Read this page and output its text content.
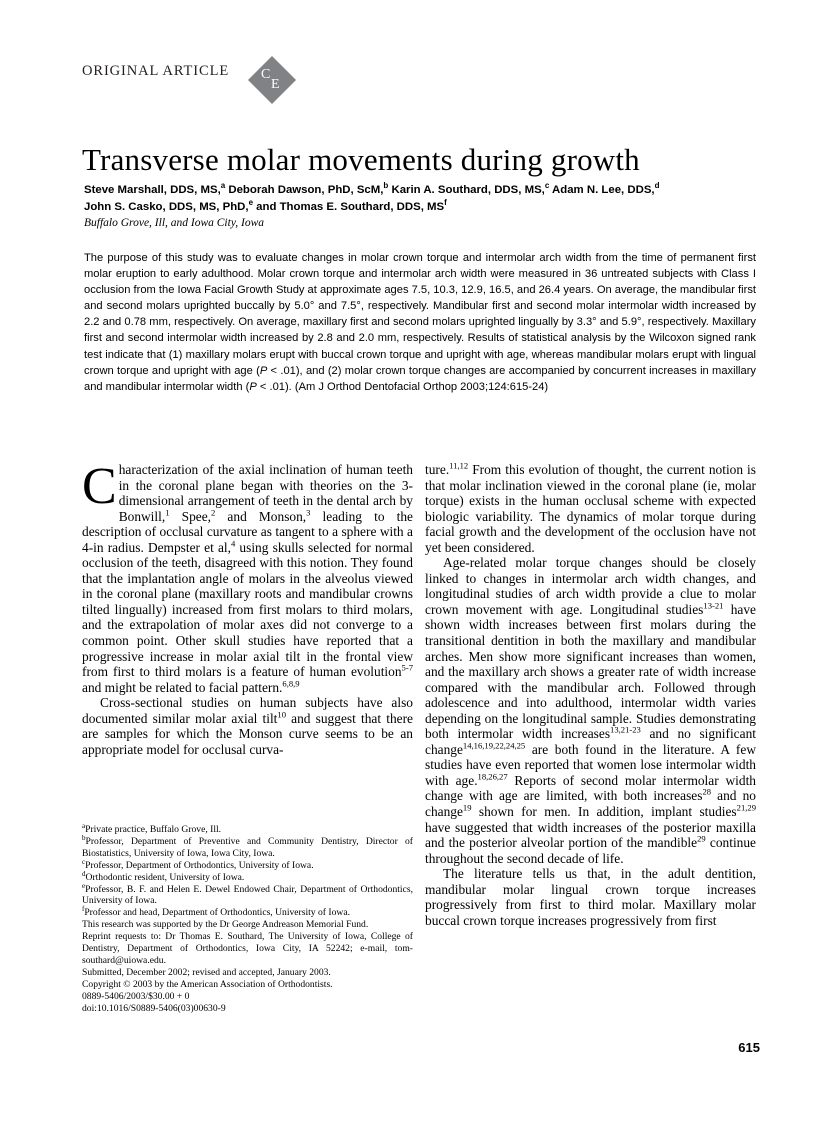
ORIGINAL ARTICLE C
E
Transverse molar movements during growth
Steve Marshall, DDS, MS,$^a$ Deborah Dawson, PhD, ScM,$^b$ Karin A. Southard, DDS, MS,$^c$ Adam N. Lee, DDS,$^d$
John S. Casko, DDS, MS, PhD,$^e$ and Thomas E. Southard, DDS, $MS^f$
Buffalo Grove, Ill, and Iowa City, Iowa
The purpose of this study was to evaluate changes in molar crown torque and intermolar arch width from the time of permanent first molar eruption to early adulthood. Molar crown torque and intermolar arch width were measured in 36 untreated subjects with Class I occlusion from the Iowa Facial Growth Study at approximate ages 7.5, 10.3, 12.9, 16.5, and 26.4 years. On average, the mandibular first and second molars uprighted buccally by 5.0° and 7.5°, respectively. Mandibular first and second molar intermolar width increased by 2.2 and 0.78 mm, respectively. On average, maxillary first and second molars uprighted lingually by 3.3° and 5.9°, respectively. Maxillary first and second intermolar width increased by 2.8 and 2.0 mm, respectively. Results of statistical analysis by the Wilcoxon signed rank test indicate that (1) maxillary molars erupt with buccal crown torque and upright with age, whereas mandibular molars erupt with lingual crown torque and upright with age (P < .01), and (2) molar crown torque changes are accompanied by concurrent increases in maxillary and mandibular intermolar width (P < .01). (Am J Orthod Dentofacial Orthop 2003;124:615-24)

Characterization of the axial inclination of human teeth in the coronal plane began with theories on the 3-dimensional arrangement of teeth in the dental arch by Bonwill,$^1$ Spee,$^2$ and Monson,$^3$ leading to the description of occlusal curvature as tangent to a sphere with a 4-in radius. Dempster et al,$^4$ using skulls selected for normal occlusion of the teeth, disagreed with this notion. They found that the implantation angle of molars in the alveolus viewed in the coronal plane (maxillary roots and mandibular crowns tilted lingually) increased from first molars to third molars, and the extrapolation of molar axes did not converge to a common point. Other skull studies have reported that a progressive increase in molar axial tilt in the frontal view from first to third molars is a feature of human evolution$^{5-7}$ and might be related to facial pattern.$^{6,8,9}$

Cross-sectional studies on human subjects have also documented similar molar axial tilt$^{10}$ and suggest that there are samples for which the Monson curve seems to be an appropriate model for occlusal curva-

ture.$^{11,12}$ From this evolution of thought, the current notion is that molar inclination viewed in the coronal plane (ie, molar torque) exists in the human occlusal scheme with expected biologic variability. The dynamics of molar torque during facial growth and the development of the occlusion have not yet been considered.

Age-related molar torque changes should be closely linked to changes in intermolar arch width changes, and longitudinal studies of arch width provide a clue to molar crown movement with age. Longitudinal studies$^{13-21}$ have shown width increases between first molars during the transitional dentition in both the maxillary and mandibular arches. Men show more significant increases than women, and the maxillary arch shows a greater rate of width increase compared with the mandibular arch. Followed through adolescence and into adulthood, intermolar width varies depending on the longitudinal sample. Studies demonstrating both intermolar width increases$^{13,21-23}$ and no significant change$^{14,16,19,22,24,25}$ are both found in the literature. A few studies have even reported that women lose intermolar width with age.$^{18,26,27}$ Reports of second molar intermolar width change with age are limited, with both increases$^{28}$ and no change$^{19}$ shown for men. In addition, implant studies$^{21,29}$ have suggested that width increases of the posterior maxilla and the posterior alveolar portion of the mandible$^{29}$ continue throughout the second decade of life.

The literature tells us that, in the adult dentition, mandibular molar lingual crown torque increases progressively from first to third molar. Maxillary molar buccal crown torque increases progressively from first

$^a$Private practice, Buffalo Grove, Ill.

$^b$Professor, Department of Preventive and Community Dentistry, Director of Biostatistics, University of Iowa, Iowa City, Iowa.

$^c$Professor, Department of Orthodontics, University of Iowa.

$^d$Orthodontic resident, University of Iowa.

$^e$Professor, B. F. and Helen E. Dewel Endowed Chair, Department of Orthodontics, University of Iowa.

$^f$Professor and head, Department of Orthodontics, University of Iowa.

This research was supported by the Dr George Andreason Memorial Fund.

Reprint requests to: Dr Thomas E. Southard, The University of Iowa, College of Dentistry, Department of Orthodontics, Iowa City, IA 52242; e-mail, tom-southard@uiowa.edu.

Submitted, December 2002; revised and accepted, January 2003.

Copyright © 2003 by the American Association of Orthodontists.

0889-5406/2003/$30.00 + 0

doi:10.1016/S0889-5406(03)00630-9

615
